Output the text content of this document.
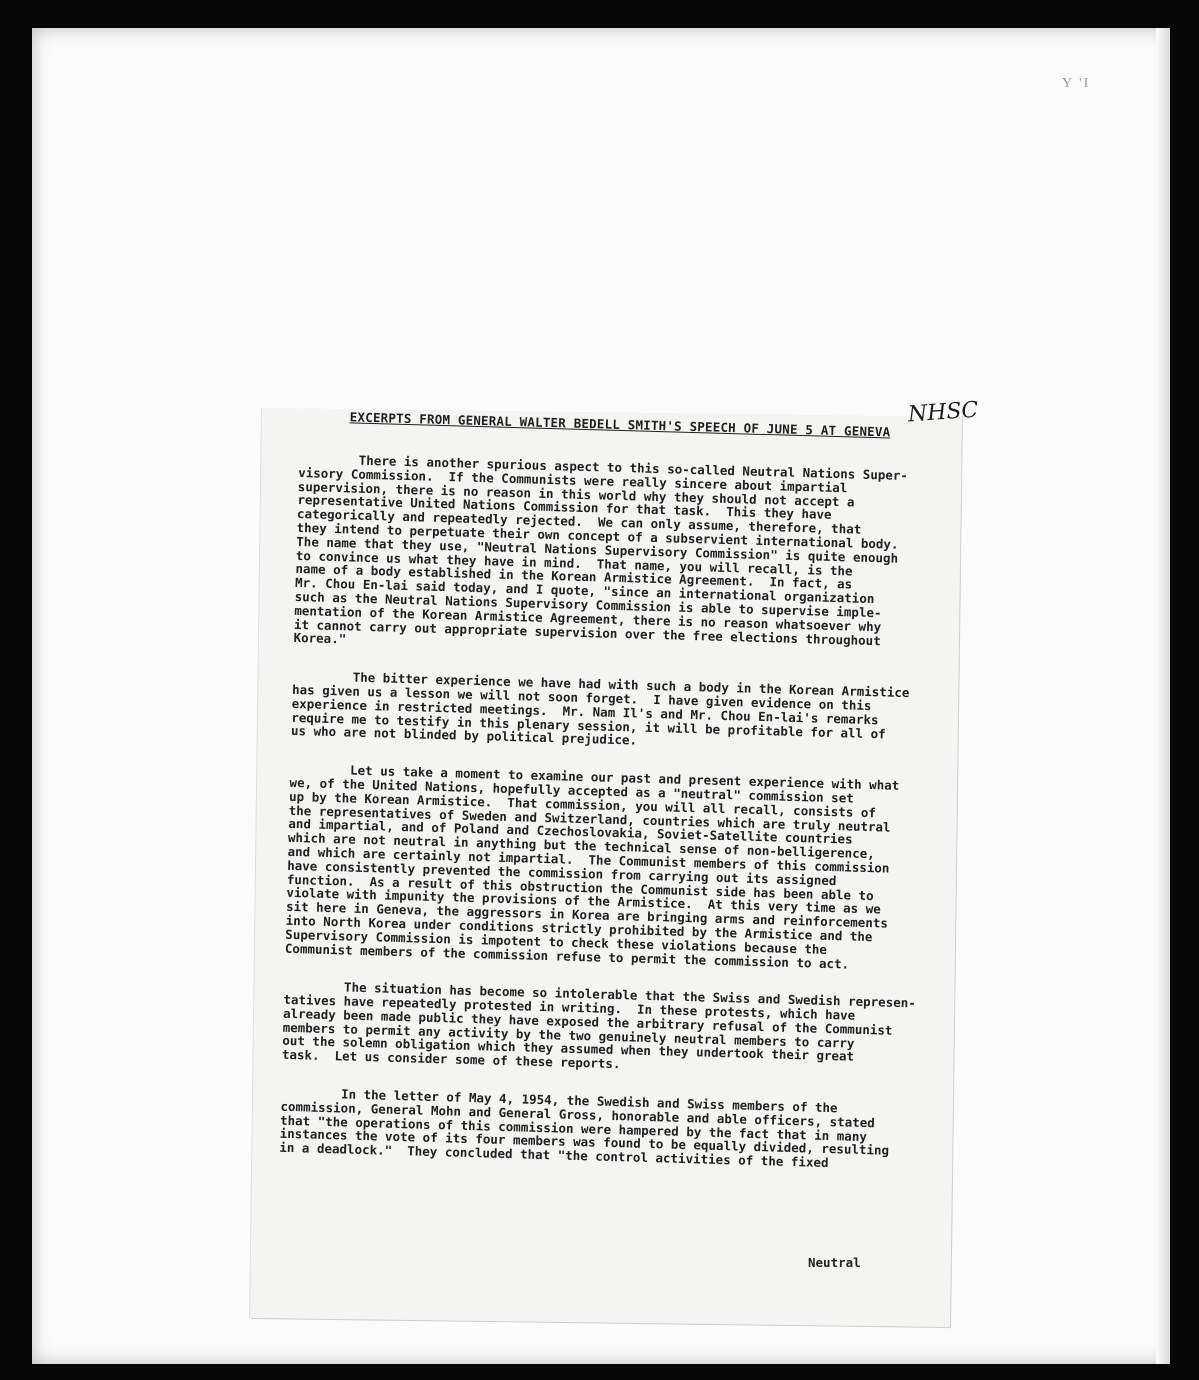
Y 'I
NHSC
EXCERPTS FROM GENERAL WALTER BEDELL SMITH'S SPEECH OF JUNE 5 AT GENEVA
There is another spurious aspect to this so-called Neutral Nations Super-
visory Commission.  If the Communists were really sincere about impartial
supervision, there is no reason in this world why they should not accept a
representative United Nations Commission for that task.  This they have
categorically and repeatedly rejected.  We can only assume, therefore, that
they intend to perpetuate their own concept of a subservient international body.
The name that they use, "Neutral Nations Supervisory Commission" is quite enough
to convince us what they have in mind.  That name, you will recall, is the
name of a body established in the Korean Armistice Agreement.  In fact, as
Mr. Chou En-lai said today, and I quote, "since an international organization
such as the Neutral Nations Supervisory Commission is able to supervise imple-
mentation of the Korean Armistice Agreement, there is no reason whatsoever why
it cannot carry out appropriate supervision over the free elections throughout
Korea."
The bitter experience we have had with such a body in the Korean Armistice
has given us a lesson we will not soon forget.  I have given evidence on this
experience in restricted meetings.  Mr. Nam Il's and Mr. Chou En-lai's remarks
require me to testify in this plenary session, it will be profitable for all of
us who are not blinded by political prejudice.
Let us take a moment to examine our past and present experience with what
we, of the United Nations, hopefully accepted as a "neutral" commission set
up by the Korean Armistice.  That commission, you will all recall, consists of
the representatives of Sweden and Switzerland, countries which are truly neutral
and impartial, and of Poland and Czechoslovakia, Soviet-Satellite countries
which are not neutral in anything but the technical sense of non-belligerence,
and which are certainly not impartial.  The Communist members of this commission
have consistently prevented the commission from carrying out its assigned
function.  As a result of this obstruction the Communist side has been able to
violate with impunity the provisions of the Armistice.  At this very time as we
sit here in Geneva, the aggressors in Korea are bringing arms and reinforcements
into North Korea under conditions strictly prohibited by the Armistice and the
Supervisory Commission is impotent to check these violations because the
Communist members of the commission refuse to permit the commission to act.
The situation has become so intolerable that the Swiss and Swedish represen-
tatives have repeatedly protested in writing.  In these protests, which have
already been made public they have exposed the arbitrary refusal of the Communist
members to permit any activity by the two genuinely neutral members to carry
out the solemn obligation which they assumed when they undertook their great
task.  Let us consider some of these reports.
In the letter of May 4, 1954, the Swedish and Swiss members of the
commission, General Mohn and General Gross, honorable and able officers, stated
that "the operations of this commission were hampered by the fact that in many
instances the vote of its four members was found to be equally divided, resulting
in a deadlock."  They concluded that "the control activities of the fixed
Neutral
